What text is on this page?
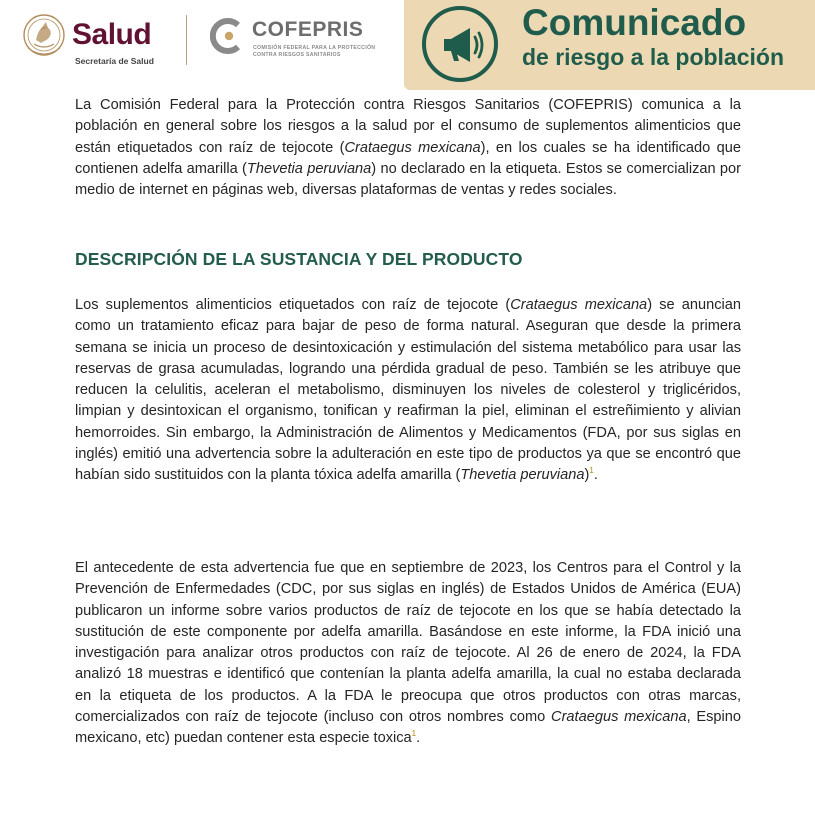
Salud
Secretaría de Salud
COFEPRIS
COMISIÓN FEDERAL PARA LA PROTECCIÓN
CONTRA RIESGOS SANITARIOS
Comunicado
de riesgo a la población

La Comisión Federal para la Protección contra Riesgos Sanitarios (COFEPRIS) comunica a la población en general sobre los riesgos a la salud por el consumo de suplementos alimenticios que están etiquetados con raíz de tejocote (Crataegus mexicana), en los cuales se ha identificado que contienen adelfa amarilla (Thevetia peruviana) no declarado en la etiqueta. Estos se comercializan por medio de internet en páginas web, diversas plataformas de ventas y redes sociales.

DESCRIPCIÓN DE LA SUSTANCIA Y DEL PRODUCTO

Los suplementos alimenticios etiquetados con raíz de tejocote (Crataegus mexicana) se anuncian como un tratamiento eficaz para bajar de peso de forma natural. Aseguran que desde la primera semana se inicia un proceso de desintoxicación y estimulación del sistema metabólico para usar las reservas de grasa acumuladas, logrando una pérdida gradual de peso. También se les atribuye que reducen la celulitis, aceleran el metabolismo, disminuyen los niveles de colesterol y triglicéridos, limpian y desintoxican el organismo, tonifican y reafirman la piel, eliminan el estreñimiento y alivian hemorroides. Sin embargo, la Administración de Alimentos y Medicamentos (FDA, por sus siglas en inglés) emitió una advertencia sobre la adulteración en este tipo de productos ya que se encontró que habían sido sustituidos con la planta tóxica adelfa amarilla (Thevetia peruviana)$^1$.

El antecedente de esta advertencia fue que en septiembre de 2023, los Centros para el Control y la Prevención de Enfermedades (CDC, por sus siglas en inglés) de Estados Unidos de América (EUA) publicaron un informe sobre varios productos de raíz de tejocote en los que se había detectado la sustitución de este componente por adelfa amarilla. Basándose en este informe, la FDA inició una investigación para analizar otros productos con raíz de tejocote. Al 26 de enero de 2024, la FDA analizó 18 muestras e identificó que contenían la planta adelfa amarilla, la cual no estaba declarada en la etiqueta de los productos. A la FDA le preocupa que otros productos con otras marcas, comercializados con raíz de tejocote (incluso con otros nombres como Crataegus mexicana, Espino mexicano, etc) puedan contener esta especie toxica$^1$.
